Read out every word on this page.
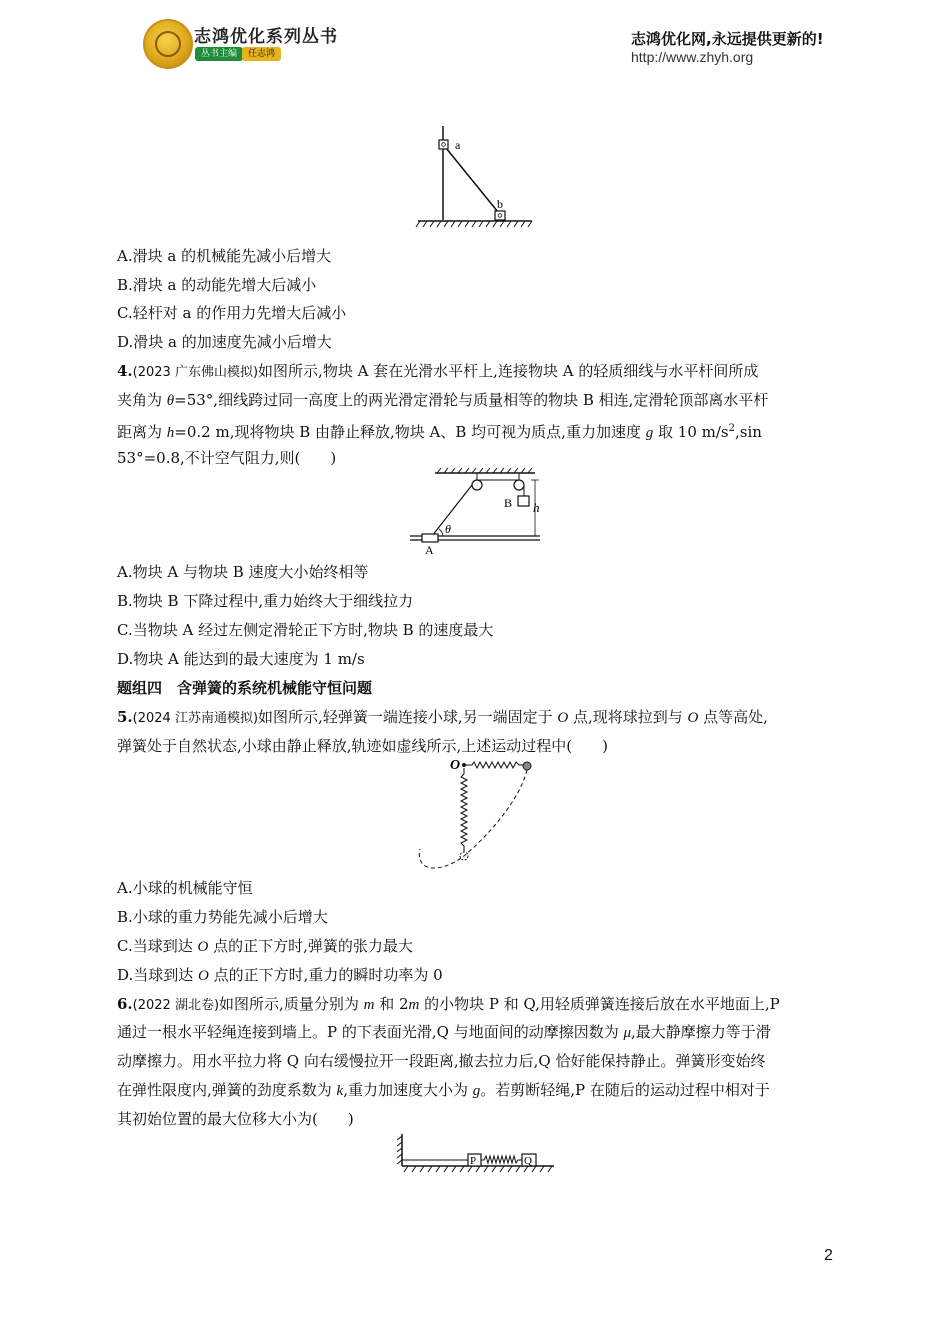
志鸿优化系列丛书
丛书主编	任志鸿
志鸿优化网,永远提供更新的!
http://www.zhyh.org
a
b
A.滑块 a 的机械能先减小后增大
B.滑块 a 的动能先增大后减小
C.轻杆对 a 的作用力先增大后减小
D.滑块 a 的加速度先减小后增大
4.(2023 广东佛山模拟)如图所示,物块 A 套在光滑水平杆上,连接物块 A 的轻质细线与水平杆间所成
夹角为 θ=53°,细线跨过同一高度上的两光滑定滑轮与质量相等的物块 B 相连,定滑轮顶部离水平杆
距离为 h=0.2 m,现将物块 B 由静止释放,物块 A、B 均可视为质点,重力加速度 g 取 10 $m/s^2,\sin$
53°=0.8,不计空气阻力,则(　　)
B h
θ
A
A.物块 A 与物块 B 速度大小始终相等
B.物块 B 下降过程中,重力始终大于细线拉力
C.当物块 A 经过左侧定滑轮正下方时,物块 B 的速度最大
D.物块 A 能达到的最大速度为 1 m/s
题组四　含弹簧的系统机械能守恒问题
5.(2024 江苏南通模拟)如图所示,轻弹簧一端连接小球,另一端固定于 O 点,现将球拉到与 O 点等高处,
弹簧处于自然状态,小球由静止释放,轨迹如虚线所示,上述运动过程中(　　)
O
A.小球的机械能守恒
B.小球的重力势能先减小后增大
C.当球到达 O 点的正下方时,弹簧的张力最大
D.当球到达 O 点的正下方时,重力的瞬时功率为 0
6.(2022 湖北卷)如图所示,质量分别为 m 和 2m 的小物块 P 和 Q,用轻质弹簧连接后放在水平地面上,P
通过一根水平轻绳连接到墙上。P 的下表面光滑,Q 与地面间的动摩擦因数为 μ,最大静摩擦力等于滑
动摩擦力。用水平拉力将 Q 向右缓慢拉开一段距离,撤去拉力后,Q 恰好能保持静止。弹簧形变始终
在弹性限度内,弹簧的劲度系数为 k,重力加速度大小为 g。若剪断轻绳,P 在随后的运动过程中相对于
其初始位置的最大位移大小为(　　)
P	Q
2
